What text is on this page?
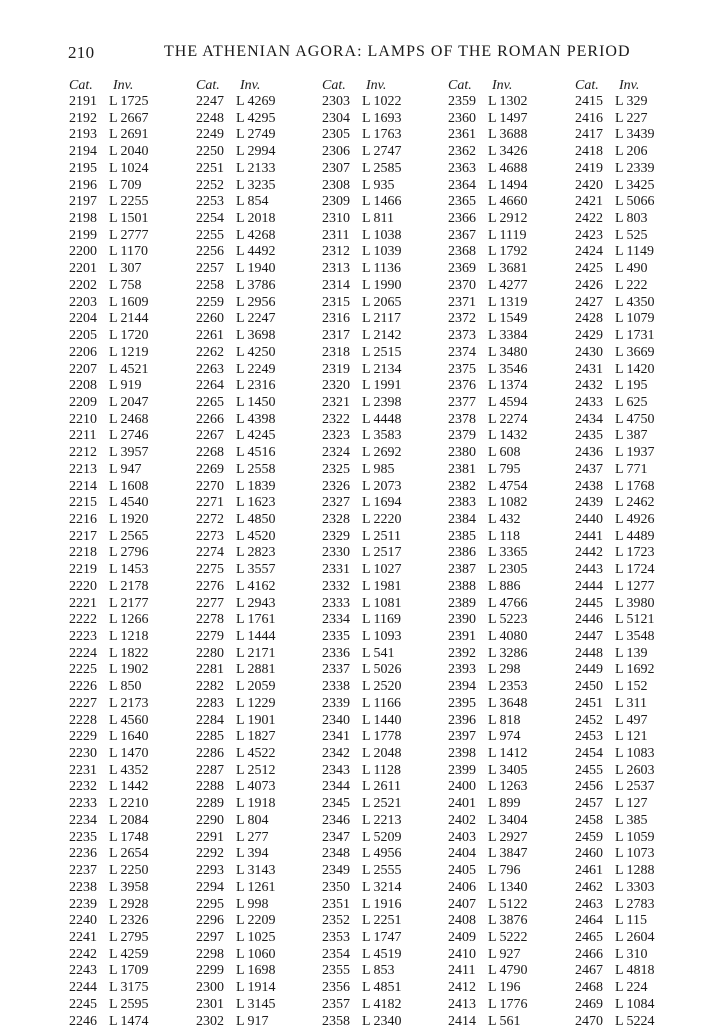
210	THE ATHENIAN AGORA: LAMPS OF THE ROMAN PERIOD
Cat. Inv.
2191 L 1725
2192 L 2667
2193 L 2691
2194 L 2040
2195 L 1024
2196 L 709
2197 L 2255
2198 L 1501
2199 L 2777
2200 L 1170
2201 L 307
2202 L 758
2203 L 1609
2204 L 2144
2205 L 1720
2206 L 1219
2207 L 4521
2208 L 919
2209 L 2047
2210 L 2468
2211 L 2746
2212 L 3957
2213 L 947
2214 L 1608
2215 L 4540
2216 L 1920
2217 L 2565
2218 L 2796
2219 L 1453
2220 L 2178
2221 L 2177
2222 L 1266
2223 L 1218
2224 L 1822
2225 L 1902
2226 L 850
2227 L 2173
2228 L 4560
2229 L 1640
2230 L 1470
2231 L 4352
2232 L 1442
2233 L 2210
2234 L 2084
2235 L 1748
2236 L 2654
2237 L 2250
2238 L 3958
2239 L 2928
2240 L 2326
2241 L 2795
2242 L 4259
2243 L 1709
2244 L 3175
2245 L 2595
2246 L 1474
Cat. Inv.
2247 L 4269
2248 L 4295
2249 L 2749
2250 L 2994
2251 L 2133
2252 L 3235
2253 L 854
2254 L 2018
2255 L 4268
2256 L 4492
2257 L 1940
2258 L 3786
2259 L 2956
2260 L 2247
2261 L 3698
2262 L 4250
2263 L 2249
2264 L 2316
2265 L 1450
2266 L 4398
2267 L 4245
2268 L 4516
2269 L 2558
2270 L 1839
2271 L 1623
2272 L 4850
2273 L 4520
2274 L 2823
2275 L 3557
2276 L 4162
2277 L 2943
2278 L 1761
2279 L 1444
2280 L 2171
2281 L 2881
2282 L 2059
2283 L 1229
2284 L 1901
2285 L 1827
2286 L 4522
2287 L 2512
2288 L 4073
2289 L 1918
2290 L 804
2291 L 277
2292 L 394
2293 L 3143
2294 L 1261
2295 L 998
2296 L 2209
2297 L 1025
2298 L 1060
2299 L 1698
2300 L 1914
2301 L 3145
2302 L 917
Cat. Inv.
2303 L 1022
2304 L 1693
2305 L 1763
2306 L 2747
2307 L 2585
2308 L 935
2309 L 1466
2310 L 811
2311 L 1038
2312 L 1039
2313 L 1136
2314 L 1990
2315 L 2065
2316 L 2117
2317 L 2142
2318 L 2515
2319 L 2134
2320 L 1991
2321 L 2398
2322 L 4448
2323 L 3583
2324 L 2692
2325 L 985
2326 L 2073
2327 L 1694
2328 L 2220
2329 L 2511
2330 L 2517
2331 L 1027
2332 L 1981
2333 L 1081
2334 L 1169
2335 L 1093
2336 L 541
2337 L 5026
2338 L 2520
2339 L 1166
2340 L 1440
2341 L 1778
2342 L 2048
2343 L 1128
2344 L 2611
2345 L 2521
2346 L 2213
2347 L 5209
2348 L 4956
2349 L 2555
2350 L 3214
2351 L 1916
2352 L 2251
2353 L 1747
2354 L 4519
2355 L 853
2356 L 4851
2357 L 4182
2358 L 2340
Cat. Inv.
2359 L 1302
2360 L 1497
2361 L 3688
2362 L 3426
2363 L 4688
2364 L 1494
2365 L 4660
2366 L 2912
2367 L 1119
2368 L 1792
2369 L 3681
2370 L 4277
2371 L 1319
2372 L 1549
2373 L 3384
2374 L 3480
2375 L 3546
2376 L 1374
2377 L 4594
2378 L 2274
2379 L 1432
2380 L 608
2381 L 795
2382 L 4754
2383 L 1082
2384 L 432
2385 L 118
2386 L 3365
2387 L 2305
2388 L 886
2389 L 4766
2390 L 5223
2391 L 4080
2392 L 3286
2393 L 298
2394 L 2353
2395 L 3648
2396 L 818
2397 L 974
2398 L 1412
2399 L 3405
2400 L 1263
2401 L 899
2402 L 3404
2403 L 2927
2404 L 3847
2405 L 796
2406 L 1340
2407 L 5122
2408 L 3876
2409 L 5222
2410 L 927
2411 L 4790
2412 L 196
2413 L 1776
2414 L 561
Cat. Inv.
2415 L 329
2416 L 227
2417 L 3439
2418 L 206
2419 L 2339
2420 L 3425
2421 L 5066
2422 L 803
2423 L 525
2424 L 1149
2425 L 490
2426 L 222
2427 L 4350
2428 L 1079
2429 L 1731
2430 L 3669
2431 L 1420
2432 L 195
2433 L 625
2434 L 4750
2435 L 387
2436 L 1937
2437 L 771
2438 L 1768
2439 L 2462
2440 L 4926
2441 L 4489
2442 L 1723
2443 L 1724
2444 L 1277
2445 L 3980
2446 L 5121
2447 L 3548
2448 L 139
2449 L 1692
2450 L 152
2451 L 311
2452 L 497
2453 L 121
2454 L 1083
2455 L 2603
2456 L 2537
2457 L 127
2458 L 385
2459 L 1059
2460 L 1073
2461 L 1288
2462 L 3303
2463 L 2783
2464 L 115
2465 L 2604
2466 L 310
2467 L 4818
2468 L 224
2469 L 1084
2470 L 5224
